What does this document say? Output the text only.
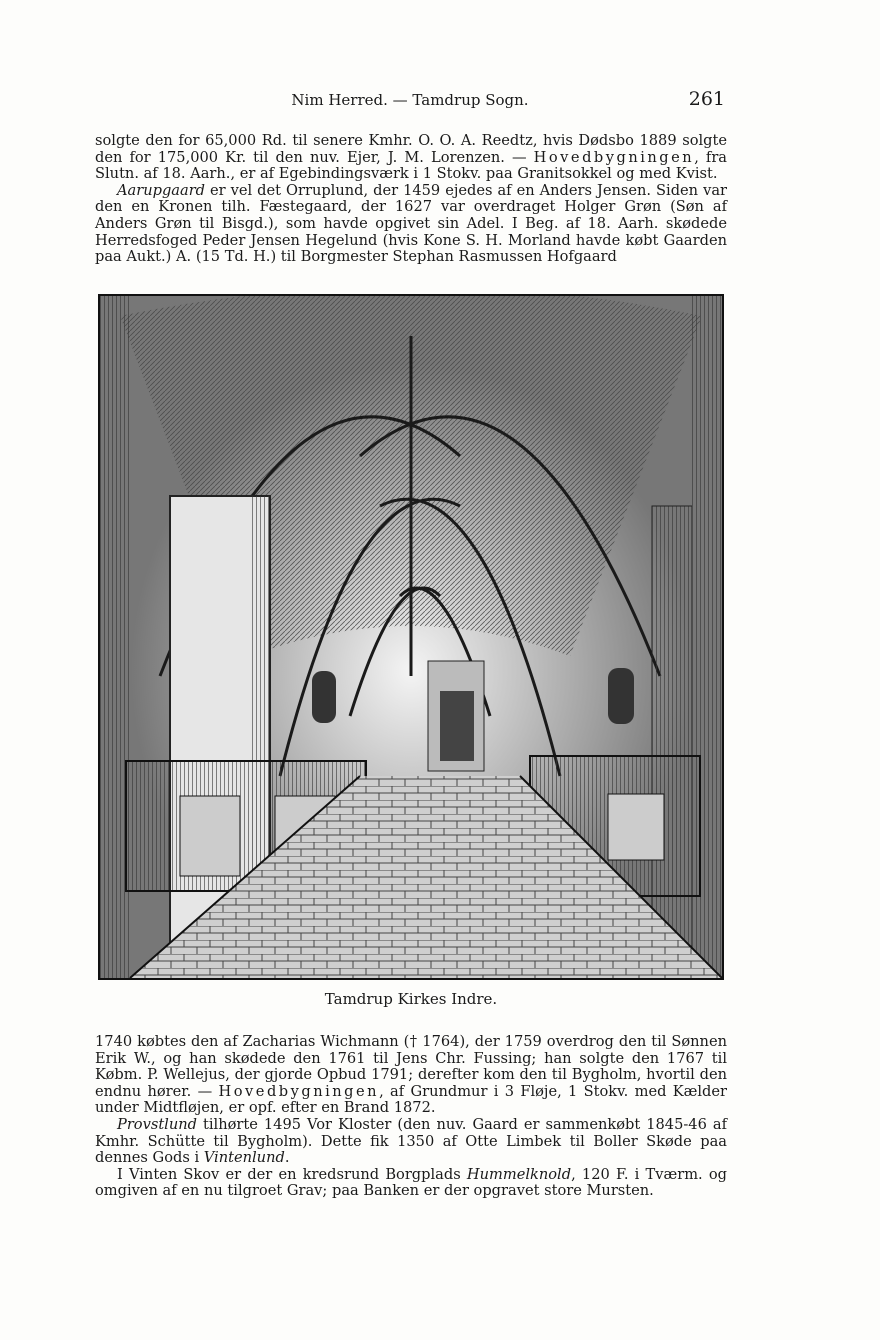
Nim Herred. — Tamdrup Sogn.	261

solgte den for 65,000 Rd. til senere Kmhr. O. O. A. Reedtz, hvis Dødsbo 1889 solgte den for 175,000 Kr. til den nuv. Ejer, J. M. Lorenzen. — Hovedbygningen, fra Slutn. af 18. Aarh., er af Egebindingsværk i 1 Stokv. paa Granitsokkel og med Kvist.

Aarupgaard er vel det Orruplund, der 1459 ejedes af en Anders Jensen. Siden var den en Kronen tilh. Fæstegaard, der 1627 var overdraget Holger Grøn (Søn af Anders Grøn til Bisgd.), som havde opgivet sin Adel. I Beg. af 18. Aarh. skødede Herredsfoged Peder Jensen Hegelund (hvis Kone S. H. Morland havde købt Gaarden paa Aukt.) A. (15 Td. H.) til Borgmester Stephan Rasmussen Hofgaard

Tamdrup Kirkes Indre.

1740 købtes den af Zacharias Wichmann († 1764), der 1759 overdrog den til Sønnen Erik W., og han skødede den 1761 til Jens Chr. Fussing; han solgte den 1767 til Købm. P. Wellejus, der gjorde Opbud 1791; derefter kom den til Bygholm, hvortil den endnu hører. — Hovedbygningen, af Grundmur i 3 Fløje, 1 Stokv. med Kælder under Midtfløjen, er opf. efter en Brand 1872.

Provstlund tilhørte 1495 Vor Kloster (den nuv. Gaard er sammenkøbt 1845-46 af Kmhr. Schütte til Bygholm). Dette fik 1350 af Otte Limbek til Boller Skøde paa dennes Gods i Vintenlund.

I Vinten Skov er der en kredsrund Borgplads Hummelknold, 120 F. i Tværm. og omgiven af en nu tilgroet Grav; paa Banken er der opgravet store Mursten.
